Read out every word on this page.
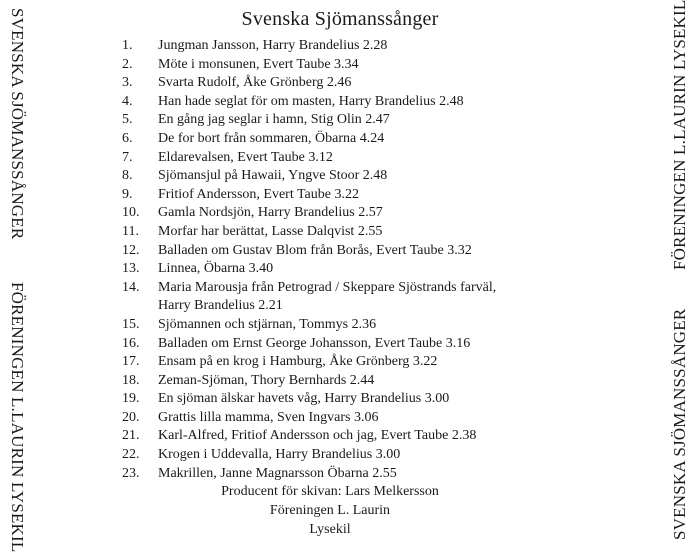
SVENSKA SJÖMANSSÅNGER
FÖRENINGEN L.LAURIN LYSEKIL
FÖRENINGEN L.LAURIN LYSEKIL
SVENSKA SJÖMANSSÅNGER
Svenska Sjömanssånger
1.	Jungman Jansson, Harry Brandelius 2.28
2.	Möte i monsunen, Evert Taube 3.34
3.	Svarta Rudolf, Åke Grönberg 2.46
4.	Han hade seglat för om masten, Harry Brandelius 2.48
5.	En gång jag seglar i hamn, Stig Olin 2.47
6.	De for bort från sommaren, Öbarna 4.24
7.	Eldarevalsen, Evert Taube 3.12
8.	Sjömansjul på Hawaii, Yngve Stoor 2.48
9.	Fritiof Andersson, Evert Taube 3.22
10.	Gamla Nordsjön, Harry Brandelius 2.57
11.	Morfar har berättat, Lasse Dalqvist 2.55
12.	Balladen om Gustav Blom från Borås, Evert Taube 3.32
13.	Linnea, Öbarna 3.40
14.	Maria Marousja från Petrograd / Skeppare Sjöstrands farväl,
Harry Brandelius 2.21
15.	Sjömannen och stjärnan, Tommys 2.36
16.	Balladen om Ernst George Johansson, Evert Taube 3.16
17.	Ensam på en krog i Hamburg, Åke Grönberg 3.22
18.	Zeman-Sjöman, Thory Bernhards 2.44
19.	En sjöman älskar havets våg, Harry Brandelius 3.00
20.	Grattis lilla mamma, Sven Ingvars 3.06
21.	Karl-Alfred, Fritiof Andersson och jag, Evert Taube 2.38
22.	Krogen i Uddevalla, Harry Brandelius 3.00
23.	Makrillen, Janne Magnarsson Öbarna 2.55
Producent för skivan: Lars Melkersson
Föreningen L. Laurin
Lysekil
